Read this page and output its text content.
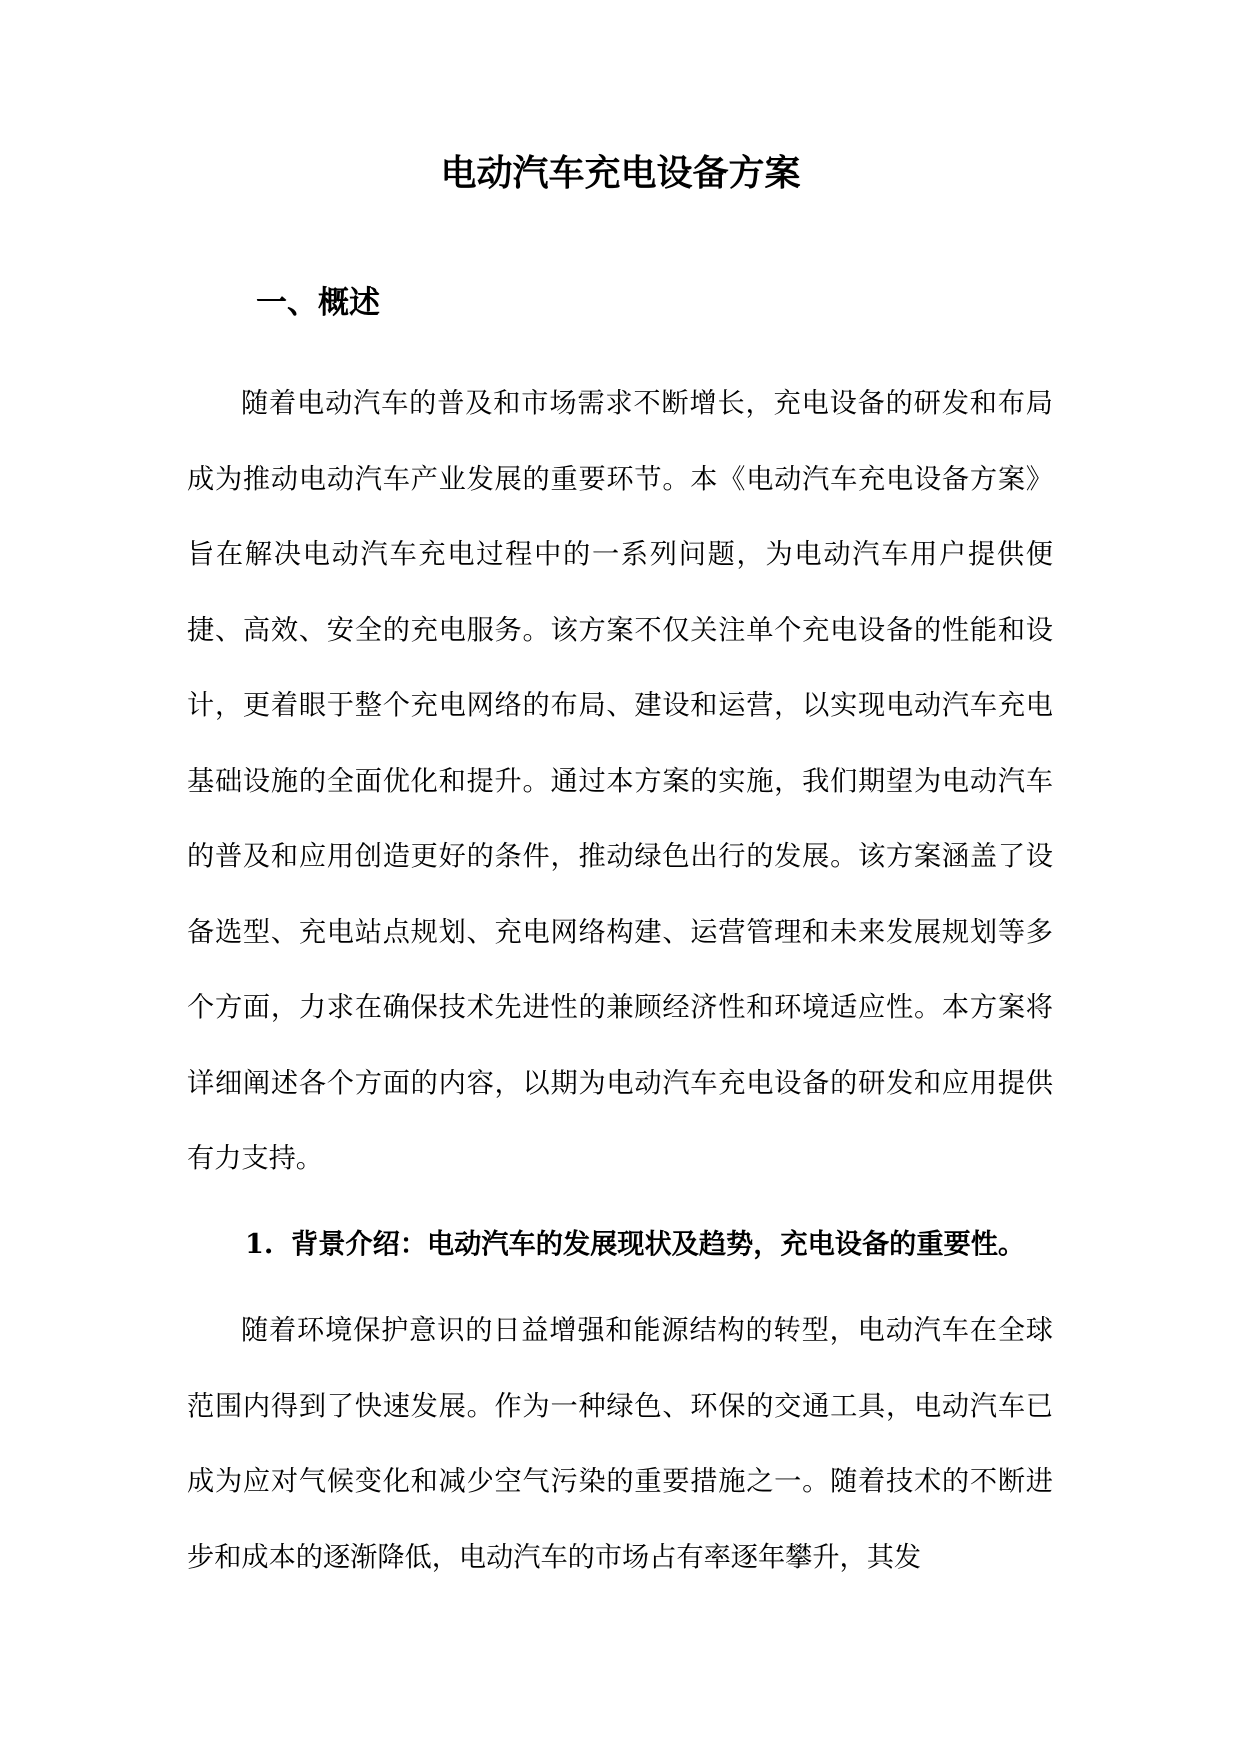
电动汽车充电设备方案
一、概述

随着电动汽车的普及和市场需求不断增长，充电设备的研发和布局成为推动电动汽车产业发展的重要环节。本《电动汽车充电设备方案》旨在解决电动汽车充电过程中的一系列问题，为电动汽车用户提供便捷、高效、安全的充电服务。该方案不仅关注单个充电设备的性能和设计，更着眼于整个充电网络的布局、建设和运营，以实现电动汽车充电基础设施的全面优化和提升。通过本方案的实施，我们期望为电动汽车的普及和应用创造更好的条件，推动绿色出行的发展。该方案涵盖了设备选型、充电站点规划、充电网络构建、运营管理和未来发展规划等多个方面，力求在确保技术先进性的兼顾经济性和环境适应性。本方案将详细阐述各个方面的内容，以期为电动汽车充电设备的研发和应用提供有力支持。

1. 背景介绍：电动汽车的发展现状及趋势，充电设备的重要性。

随着环境保护意识的日益增强和能源结构的转型，电动汽车在全球范围内得到了快速发展。作为一种绿色、环保的交通工具，电动汽车已成为应对气候变化和减少空气污染的重要措施之一。随着技术的不断进步和成本的逐渐降低，电动汽车的市场占有率逐年攀升，其发
